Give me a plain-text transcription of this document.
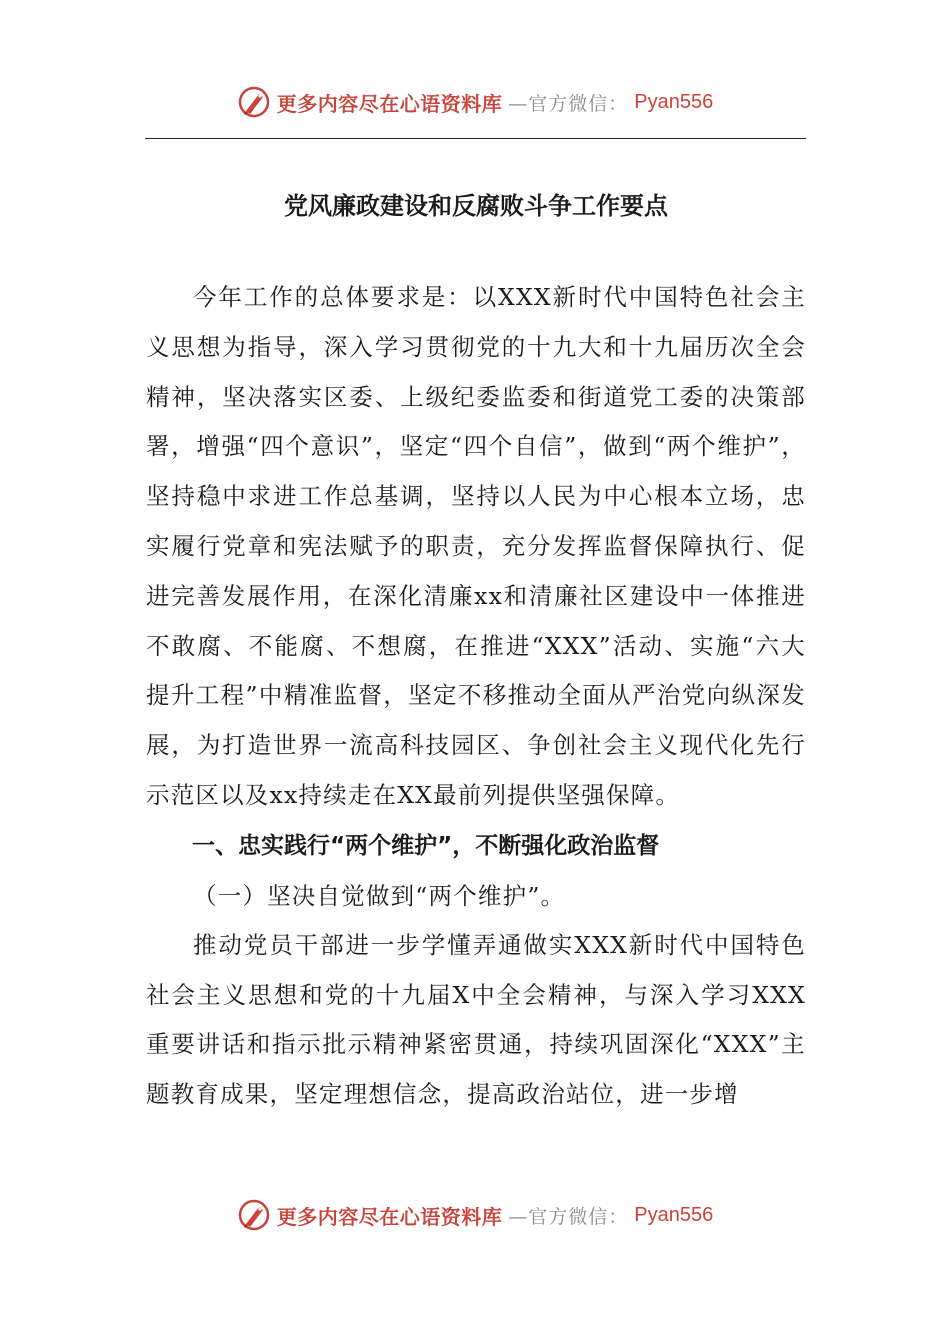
更多内容尽在心语资料库 —官方微信： Pyan556
党风廉政建设和反腐败斗争工作要点

今年工作的总体要求是：以XXX新时代中国特色社会主义思想为指导，深入学习贯彻党的十九大和十九届历次全会精神，坚决落实区委、上级纪委监委和街道党工委的决策部署，增强“四个意识”，坚定“四个自信”，做到“两个维护”，坚持稳中求进工作总基调，坚持以人民为中心根本立场，忠实履行党章和宪法赋予的职责，充分发挥监督保障执行、促进完善发展作用，在深化清廉xx和清廉社区建设中一体推进不敢腐、不能腐、不想腐，在推进“XXX”活动、实施“六大提升工程”中精准监督，坚定不移推动全面从严治党向纵深发展，为打造世界一流高科技园区、争创社会主义现代化先行示范区以及xx持续走在XX最前列提供坚强保障。

一、忠实践行“两个维护”，不断强化政治监督

（一）坚决自觉做到“两个维护”。

推动党员干部进一步学懂弄通做实XXX新时代中国特色社会主义思想和党的十九届X中全会精神，与深入学习XXX重要讲话和指示批示精神紧密贯通，持续巩固深化“XXX”主题教育成果，坚定理想信念，提高政治站位，进一步增

更多内容尽在心语资料库 —官方微信： Pyan556
